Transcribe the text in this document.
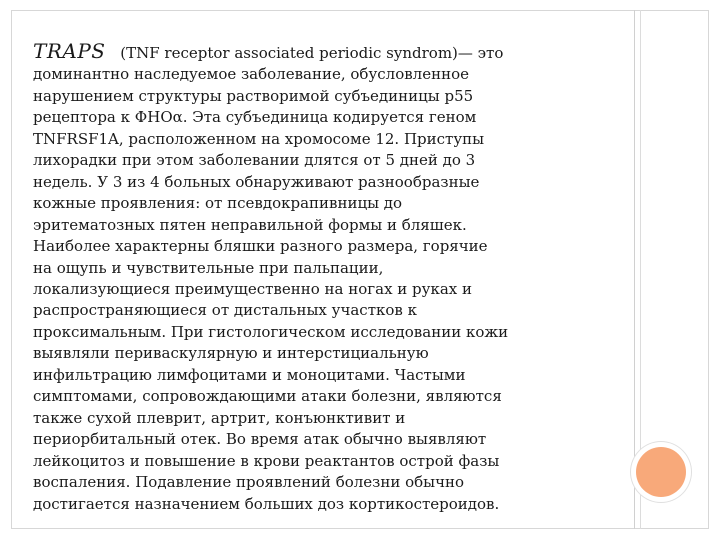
TRAPS (TNF receptor associated periodic syndrom)— это
доминантно наследуемое заболевание, обусловленное
нарушением структуры растворимой субъединицы р55
рецептора к ФНОα. Эта субъединица кодируется геном
TNFRSF1A, расположенном на хромосоме 12. Приступы
лихорадки при этом заболевании длятся от 5 дней до 3
недель. У 3 из 4 больных обнаруживают разнообразные
кожные проявления: от псевдокрапивницы до
эритематозных пятен неправильной формы и бляшек.
Наиболее характерны бляшки разного размера, горячие
на ощупь и чувствительные при пальпации,
локализующиеся преимущественно на ногах и руках и
распространяющиеся от дистальных участков к
проксимальным. При гистологическом исследовании кожи
выявляли периваскулярную и интерстициальную
инфильтрацию лимфоцитами и моноцитами. Частыми
симптомами, сопровождающими атаки болезни, являются
также сухой плеврит, артрит, конъюнктивит и
периорбитальный отек. Во время атак обычно выявляют
лейкоцитоз и повышение в крови реактантов острой фазы
воспаления. Подавление проявлений болезни обычно
достигается назначением больших доз кортикостероидов.
